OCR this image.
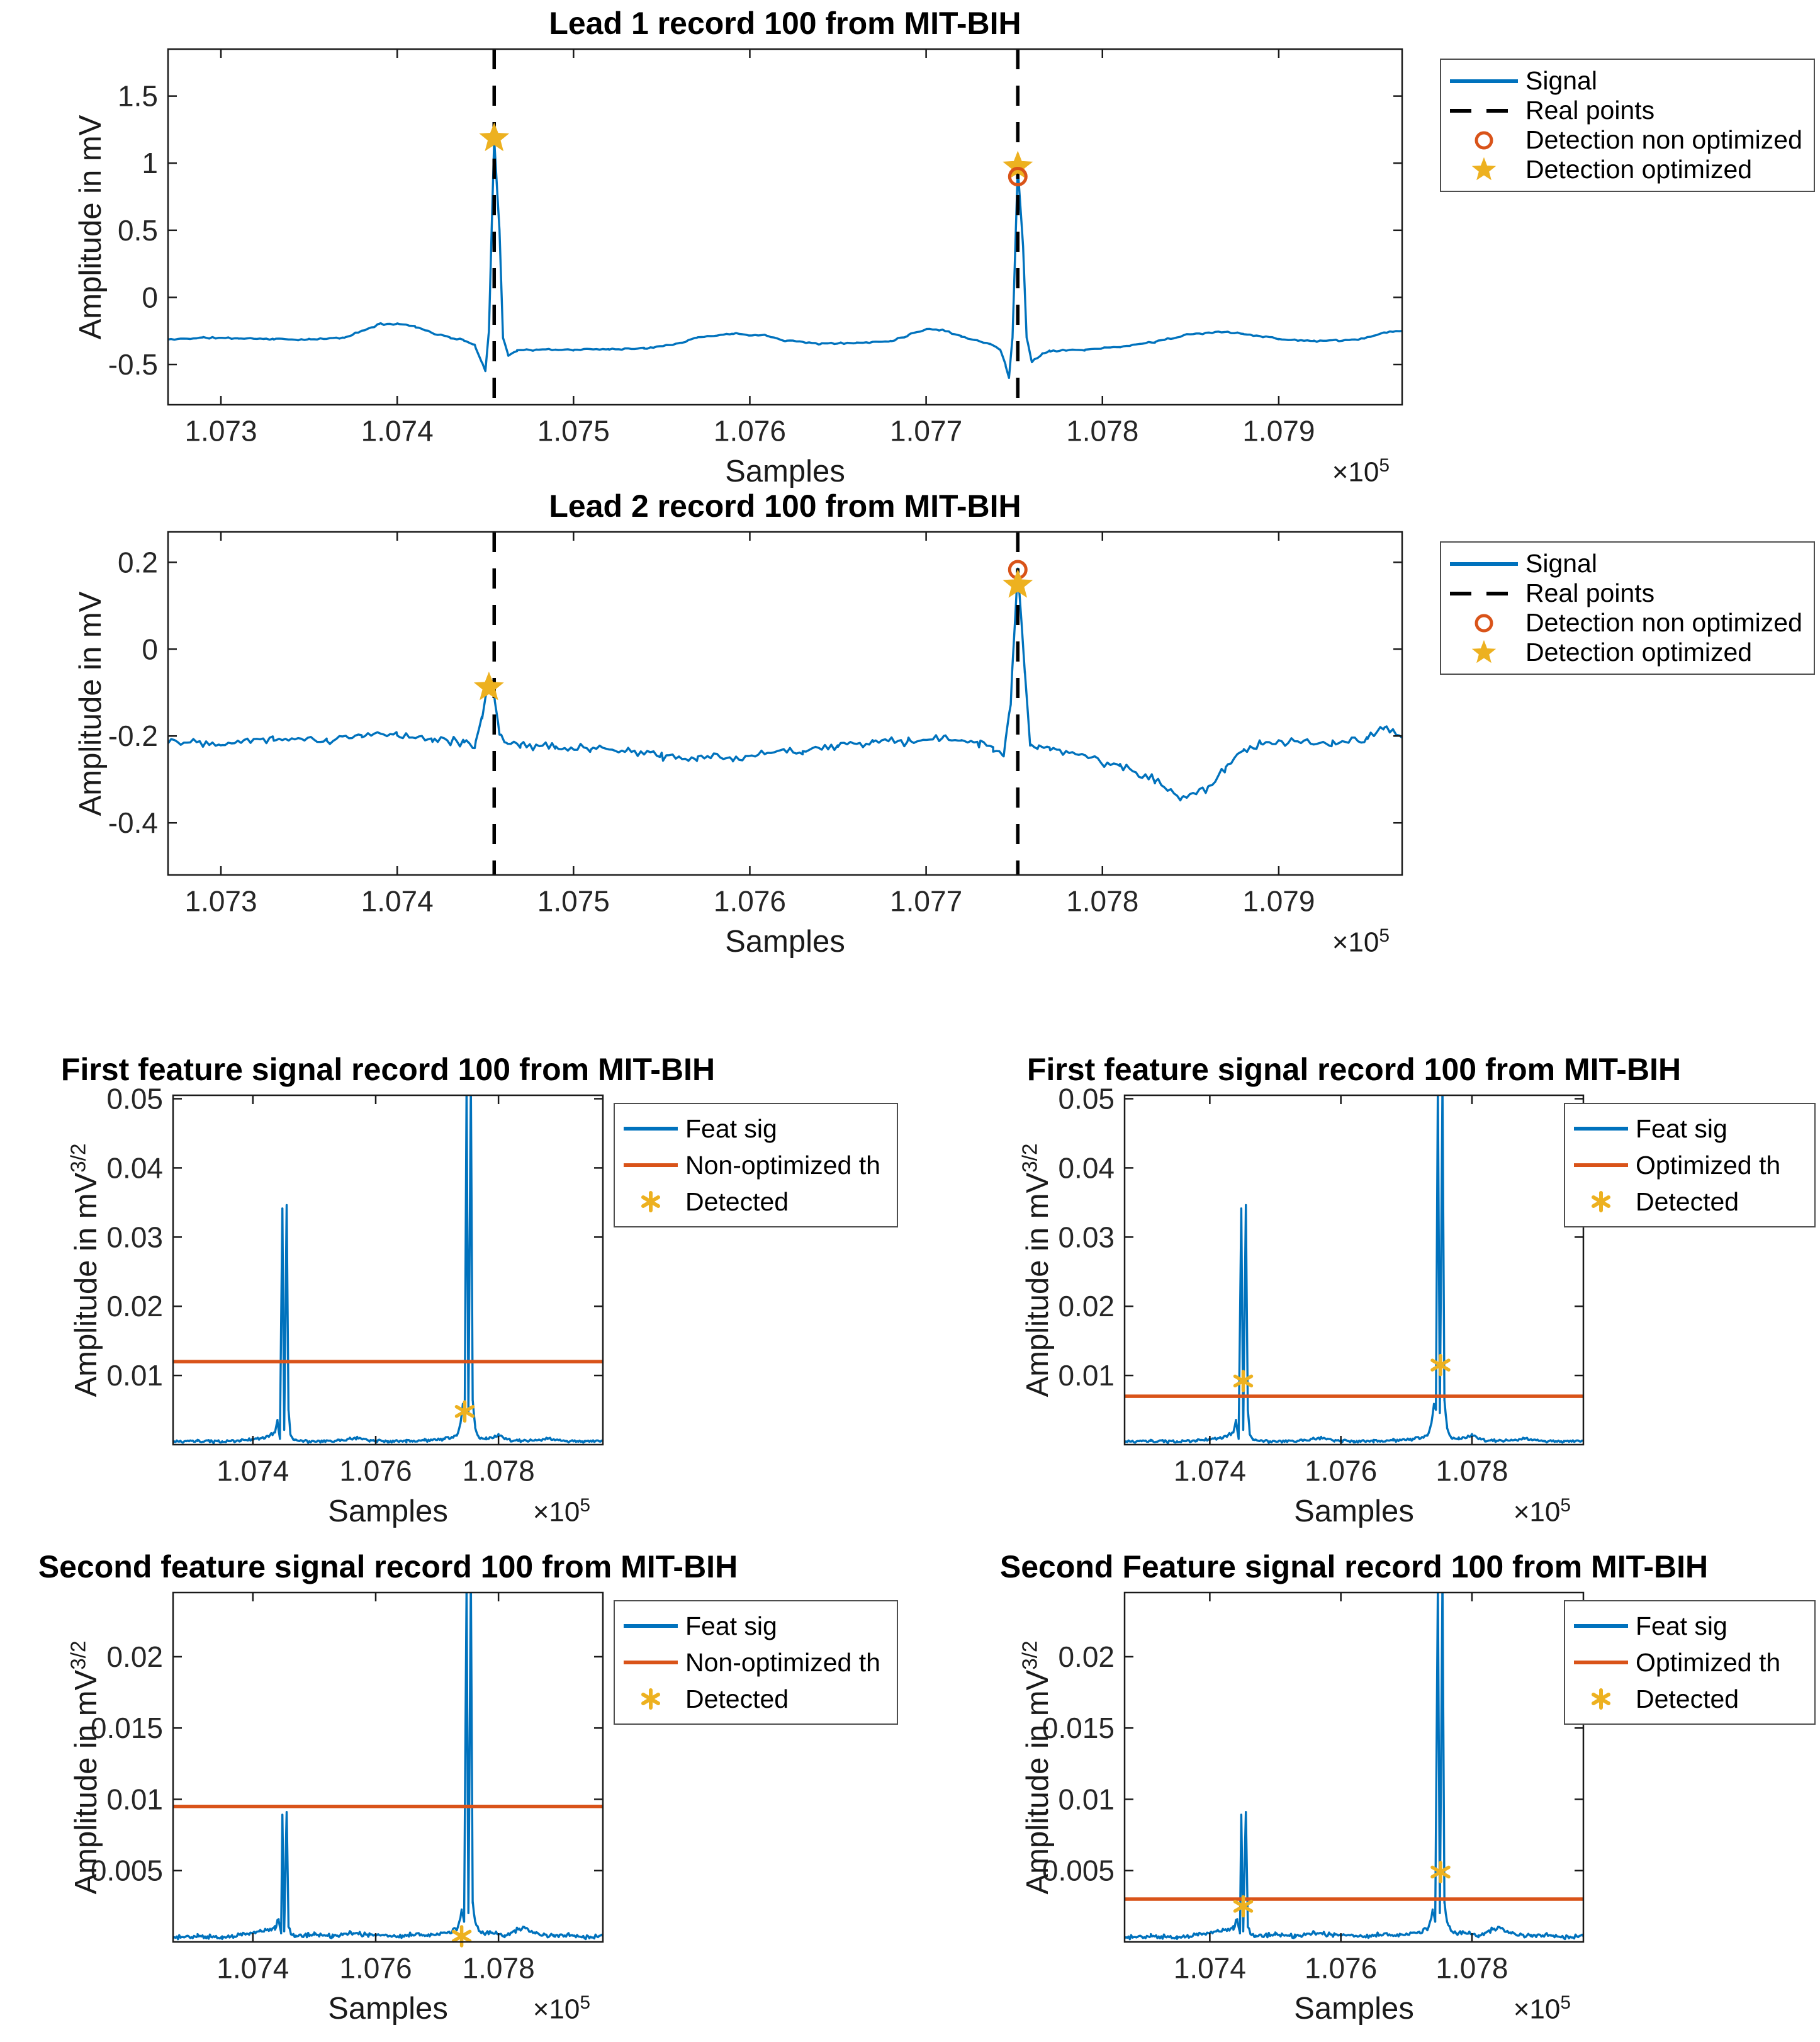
1.073	1.074	1.075	1.076	1.077	1.078	1.079
1.5
1
0.5
0
-0.5
1.073	1.074	1.075	1.076	1.077	1.078	1.079
0.2
0
-0.2
-0.4
1.074 1.076 1.078
0.01
0.02
0.03
0.04
0.05
1.074 1.076 1.078
0.01
0.02
0.03
0.04
0.05
1.074 1.076 1.078
0.005
0.01
0.015
0.02
1.074 1.076 1.078
0.005
0.01
0.015
0.02
Lead 1 record 100 from MIT-BIH
Amplitude in mV
Samples	$\times 10^5$
Signal
Real points
Detection non optimized
Detection optimized
Lead 2 record 100 from MIT-BIH
Amplitude in mV
Samples	$\times 10^5$
Signal
Real points
Detection non optimized
Detection optimized
First feature signal record 100 from MIT-BIH
Amplitude in $mV^{3/2}$
Samples	$\times 10^5$
Feat sig
Non-optimized th
Detected
First feature signal record 100 from MIT-BIH
Amplitude in $mV^{3/2}$
Samples	$\times 10^5$
Feat sig
Optimized th
Detected
Second feature signal record 100 from MIT-BIH
Amplitude in $mV^{3/2}$
Samples	$\times 10^5$
Feat sig
Non-optimized th
Detected
Second Feature signal record 100 from MIT-BIH
Amplitude in $mV^{3/2}$
Samples	$\times 10^5$
Feat sig
Optimized th
Detected
